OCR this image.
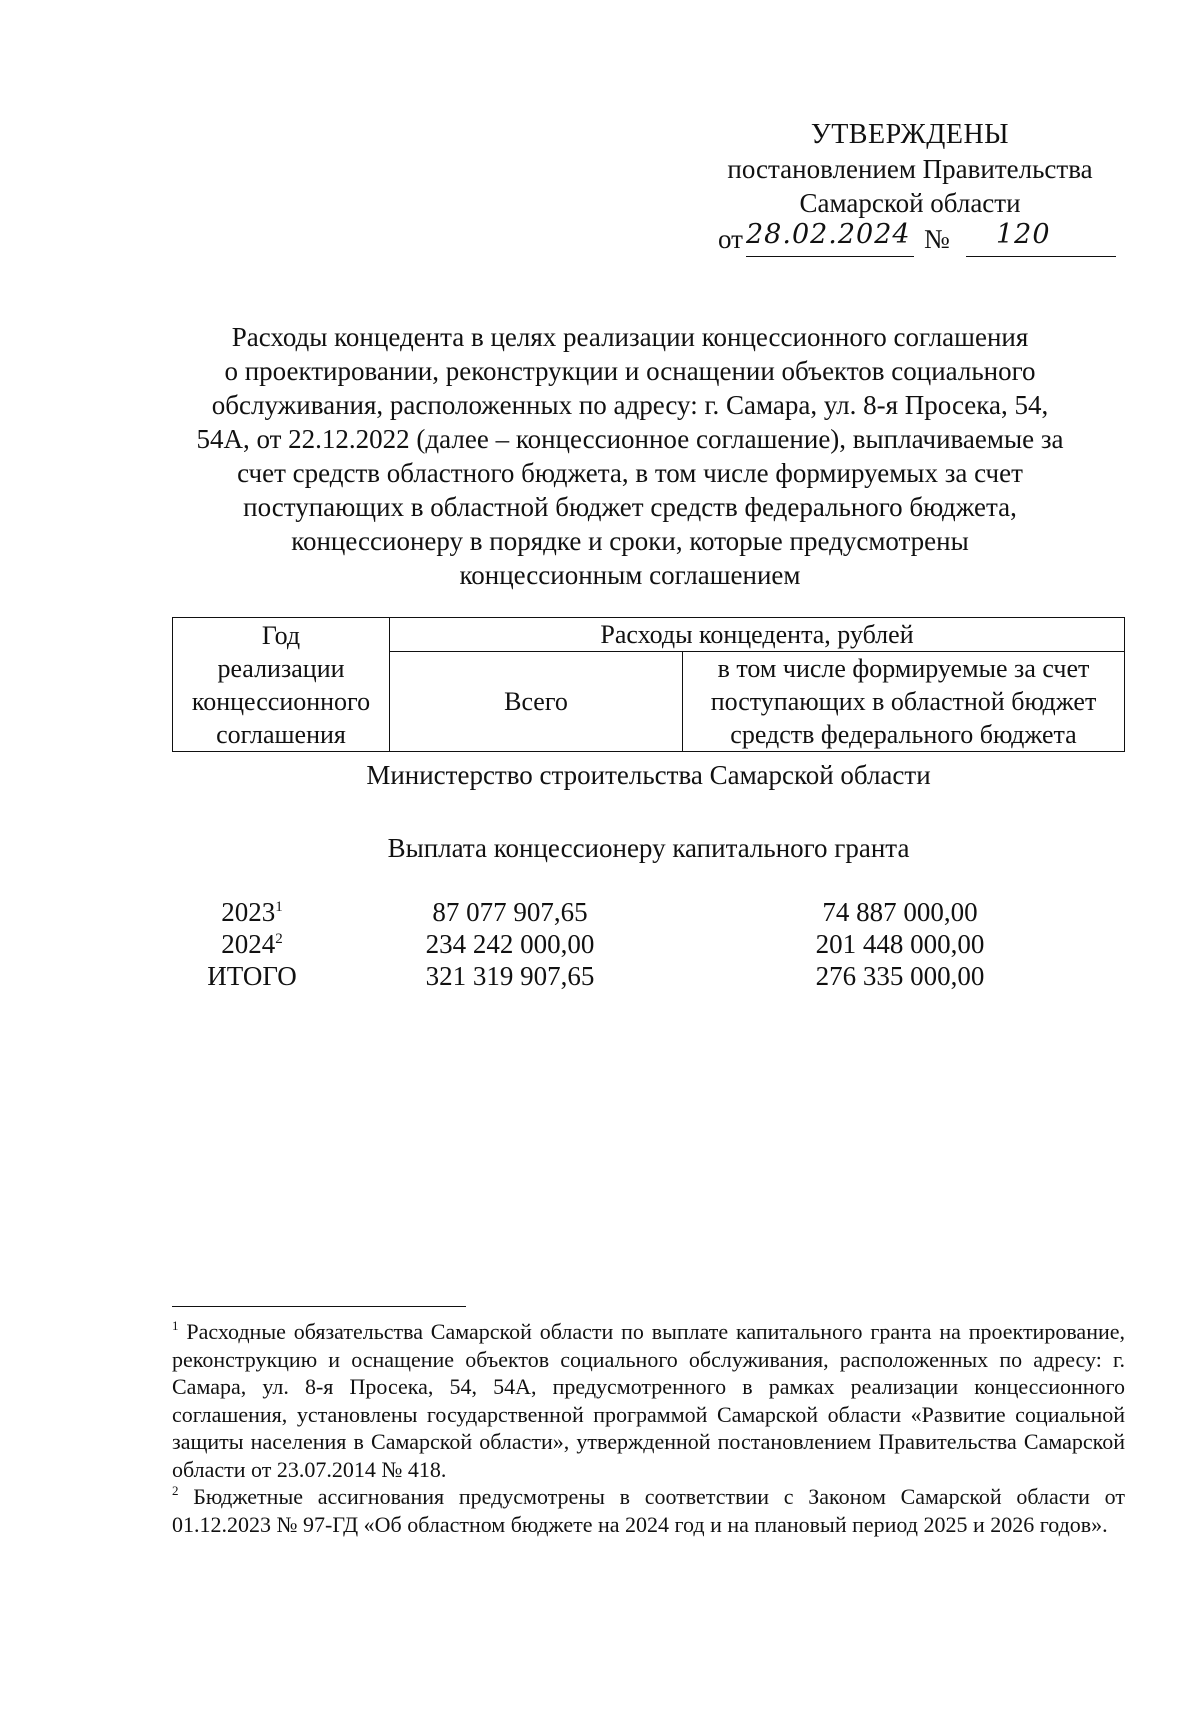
УТВЕРЖДЕНЫ
постановлением Правительства
Самарской области
от 28.02.2024 № 120
Расходы концедента в целях реализации концессионного соглашения
о проектировании, реконструкции и оснащении объектов социального
обслуживания, расположенных по адресу: г. Самара, ул. 8-я Просека, 54,
54А, от 22.12.2022 (далее – концессионное соглашение), выплачиваемые за
счет средств областного бюджета, в том числе формируемых за счет
поступающих в областной бюджет средств федерального бюджета,
концессионеру в порядке и сроки, которые предусмотрены
концессионным соглашением
Год
реализации
концессионного
соглашения	Расходы концедента, рублей	
	Всего	в том числе формируемые за счет
поступающих в областной бюджет
средств федерального бюджета
Министерство строительства Самарской области
Выплата концессионеру капитального гранта
2023$^1$	87 077 907,65	74 887 000,00
2024$^2$	234 242 000,00	201 448 000,00
ИТОГО	321 319 907,65	276 335 000,00

$^1$ Расходные обязательства Самарской области по выплате капитального гранта на проектирование, реконструкцию и оснащение объектов социального обслуживания, расположенных по адресу: г. Самара, ул. 8-я Просека, 54, 54А, предусмотренного в рамках реализации концессионного соглашения, установлены государственной программой Самарской области «Развитие социальной защиты населения в Самарской области», утвержденной постановлением Правительства Самарской области от 23.07.2014 № 418.

$^2$ Бюджетные ассигнования предусмотрены в соответствии с Законом Самарской области от 01.12.2023 № 97-ГД «Об областном бюджете на 2024 год и на плановый период 2025 и 2026 годов».
